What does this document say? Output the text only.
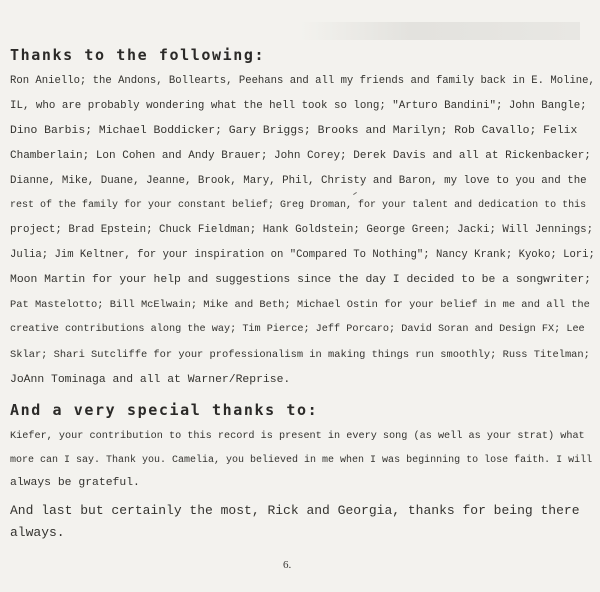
Thanks to the following:
Ron Aniello; the Andons, Bollearts, Peehans and all my friends and family back in E. Moline,
IL, who are probably wondering what the hell took so long; "Arturo Bandini"; John Bangle;
Dino Barbis; Michael Boddicker; Gary Briggs; Brooks and Marilyn; Rob Cavallo; Felix
Chamberlain; Lon Cohen and Andy Brauer; John Corey; Derek Davis and all at Rickenbacker;
Dianne, Mike, Duane, Jeanne, Brook, Mary, Phil, Christy and Baron, my love to you and the
rest of the family for your constant belief; Greg Droman, for your talent and dedication to this
project; Brad Epstein; Chuck Fieldman; Hank Goldstein; George Green; Jacki; Will Jennings;
Julia; Jim Keltner, for your inspiration on "Compared To Nothing"; Nancy Krank; Kyoko; Lori;
Moon Martin for your help and suggestions since the day I decided to be a songwriter;
Pat Mastelotto; Bill McElwain; Mike and Beth; Michael Ostin for your belief in me and all the
creative contributions along the way; Tim Pierce; Jeff Porcaro; David Soran and Design FX; Lee
Sklar; Shari Sutcliffe for your professionalism in making things run smoothly; Russ Titelman;
JoAnn Tominaga and all at Warner/Reprise.
And a very special thanks to:
Kiefer, your contribution to this record is present in every song (as well as your strat) what
more can I say. Thank you. Camelia, you believed in me when I was beginning to lose faith. I will
always be grateful.
And last but certainly the most, Rick and Georgia, thanks for being there
always.
6.
